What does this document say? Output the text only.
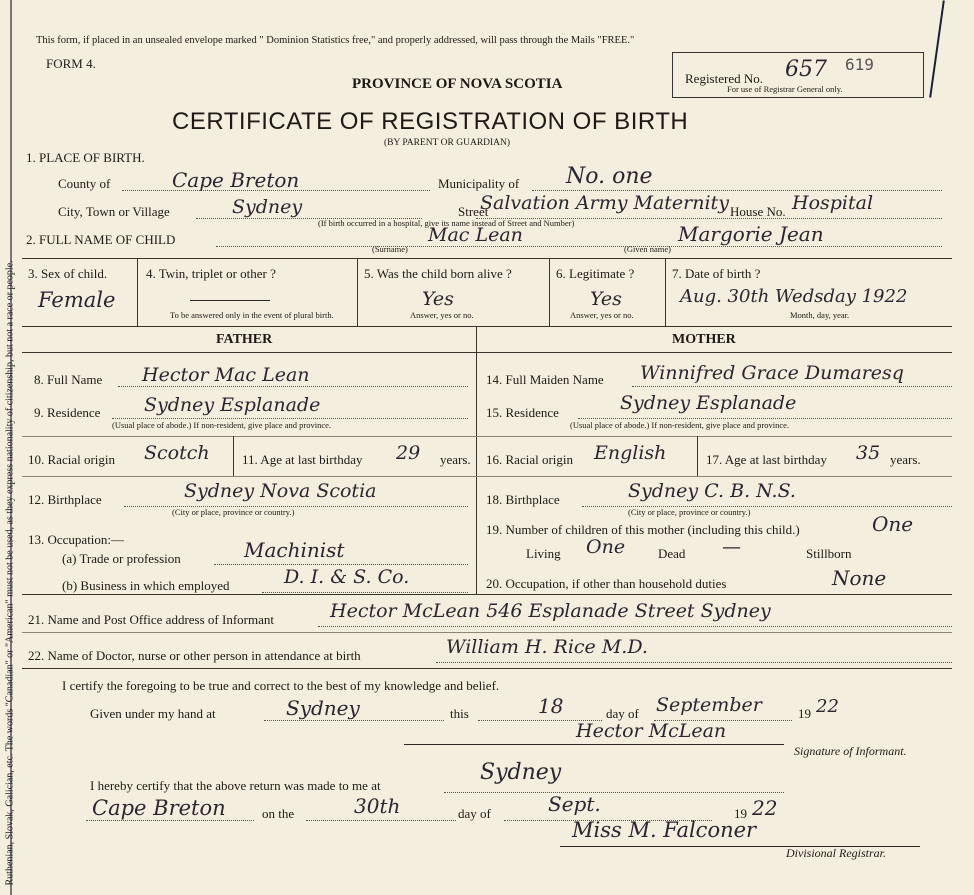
Ruthenian, Slovak, Galician, etc. The words "Canadian" or "American" must not be used, as they express nationality of citizenship, but not a race or people.
This form, if placed in an unsealed envelope marked " Dominion Statistics free," and properly addressed, will pass through the Mails "FREE."
FORM 4.
PROVINCE OF NOVA SCOTIA
CERTIFICATE OF REGISTRATION OF BIRTH
(BY PARENT OR GUARDIAN)
Registered No. 657 619
For use of Registrar General only.
1. PLACE OF BIRTH.
County of	Cape Breton	Municipality of No. one
City, Town or Village	Sydney	Street
Salvation Army Maternity House No. Hospital
(If birth occurred in a hospital, give its name instead of Street and Number)
2. FULL NAME OF CHILD	Mac Lean	Margorie Jean
(Surname)	(Given name)
3. Sex of child.
Female
4. Twin, triplet or other ?
To be answered only in the event of plural birth.
5. Was the child born alive ?
Yes
Answer, yes or no.
6. Legitimate ?
Yes
Answer, yes or no.
7. Date of birth ?
Aug. 30th Wedsday 1922
Month, day, year.
FATHER	MOTHER
8. Full Name Hector Mac Lean
9. Residence Sydney Esplanade
(Usual place of abode.) If non-resident, give place and province.
10. Racial origin Scotch 11. Age at last birthday 29 years.
12. Birthplace	Sydney Nova Scotia
(City or place, province or country.)
13. Occupation:—
(a) Trade or profession	Machinist
(b) Business in which employed	D. I. & S. Co.
14. Full Maiden Name Winnifred Grace Dumaresq
15. Residence	Sydney Esplanade
(Usual place of abode.) If non-resident, give place and province.
16. Racial origin English	17. Age at last birthday 35 years.
18. Birthplace	Sydney C. B. N.S.
(City or place, province or country.)
19. Number of children of this mother (including this child.)	One
Living One	Dead —	Stillborn
20. Occupation, if other than household duties	None
21. Name and Post Office address of Informant	Hector McLean 546 Esplanade Street Sydney
22. Name of Doctor, nurse or other person in attendance at birth	William H. Rice M.D.
I certify the foregoing to be true and correct to the best of my knowledge and belief.
Given under my hand at	Sydney	this	18	day of September	19 22
Hector McLean
Signature of Informant.
I hereby certify that the above return was made to me at
Sydney
Cape Breton	on the	30th	day of	Sept.	19 22
Miss M. Falconer
Divisional Registrar.
